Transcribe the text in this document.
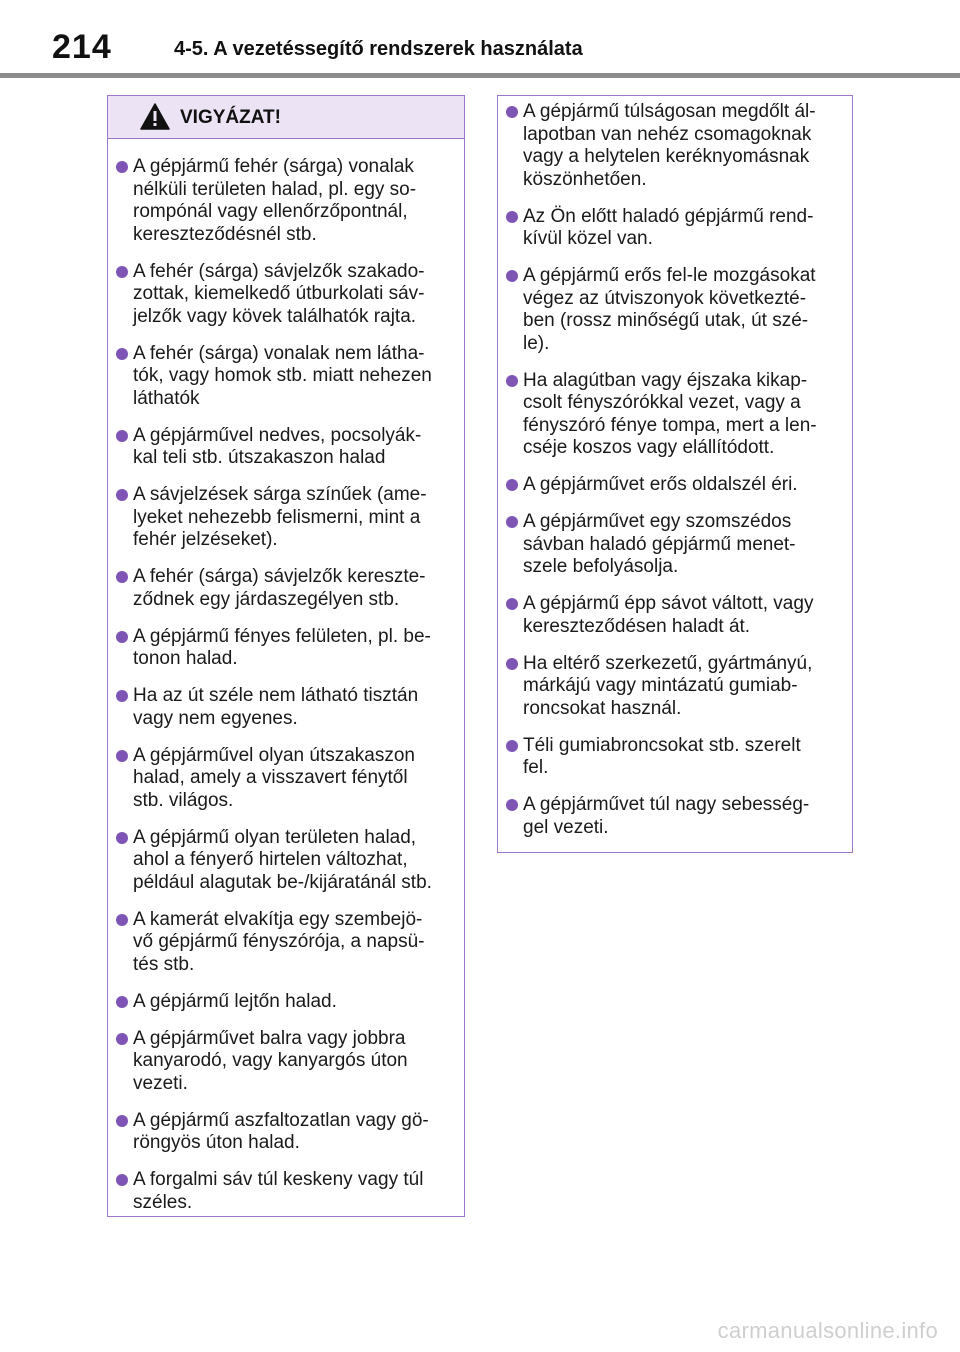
214	4-5. A vezetéssegítő rendszerek használata
VIGYÁZAT!
A gépjármű fehér (sárga) vonalak
nélküli területen halad, pl. egy so-
rompónál vagy ellenőrzőpontnál,
kereszteződésnél stb.
A fehér (sárga) sávjelzők szakado-
zottak, kiemelkedő útburkolati sáv-
jelzők vagy kövek találhatók rajta.
A fehér (sárga) vonalak nem látha-
tók, vagy homok stb. miatt nehezen
láthatók
A gépjárművel nedves, pocsolyák-
kal teli stb. útszakaszon halad
A sávjelzések sárga színűek (ame-
lyeket nehezebb felismerni, mint a
fehér jelzéseket).
A fehér (sárga) sávjelzők kereszte-
ződnek egy járdaszegélyen stb.
A gépjármű fényes felületen, pl. be-
tonon halad.
Ha az út széle nem látható tisztán
vagy nem egyenes.
A gépjárművel olyan útszakaszon
halad, amely a visszavert fénytől
stb. világos.
A gépjármű olyan területen halad,
ahol a fényerő hirtelen változhat,
például alagutak be-/kijáratánál stb.
A kamerát elvakítja egy szembejö-
vő gépjármű fényszórója, a napsü-
tés stb.
A gépjármű lejtőn halad.
A gépjárművet balra vagy jobbra
kanyarodó, vagy kanyargós úton
vezeti.
A gépjármű aszfaltozatlan vagy gö-
röngyös úton halad.
A forgalmi sáv túl keskeny vagy túl
széles.
A gépjármű túlságosan megdőlt ál-
lapotban van nehéz csomagoknak
vagy a helytelen keréknyomásnak
köszönhetően.
Az Ön előtt haladó gépjármű rend-
kívül közel van.
A gépjármű erős fel-le mozgásokat
végez az útviszonyok következté-
ben (rossz minőségű utak, út szé-
le).
Ha alagútban vagy éjszaka kikap-
csolt fényszórókkal vezet, vagy a
fényszóró fénye tompa, mert a len-
cséje koszos vagy elállítódott.
A gépjárművet erős oldalszél éri.
A gépjárművet egy szomszédos
sávban haladó gépjármű menet-
szele befolyásolja.
A gépjármű épp sávot váltott, vagy
kereszteződésen haladt át.
Ha eltérő szerkezetű, gyártmányú,
márkájú vagy mintázatú gumiab-
roncsokat használ.
Téli gumiabroncsokat stb. szerelt
fel.
A gépjárművet túl nagy sebesség-
gel vezeti.
carmanualsonline.info
